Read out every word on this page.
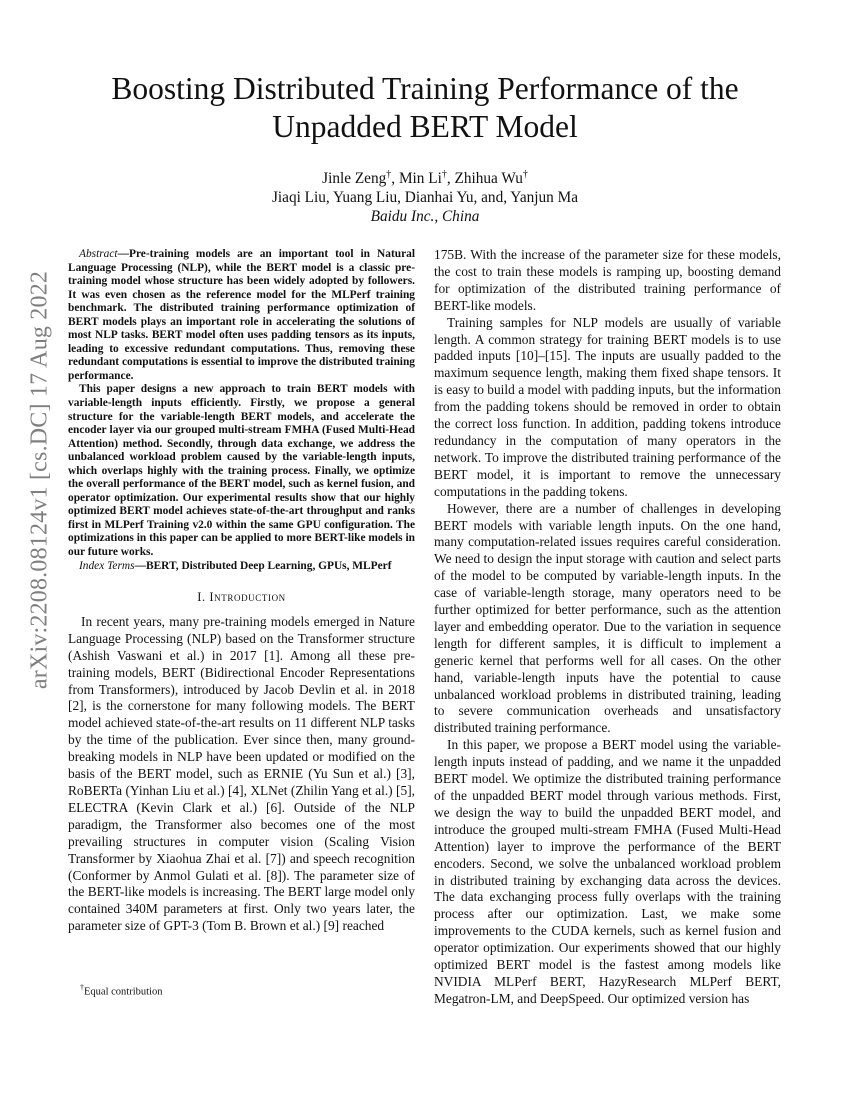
arXiv:2208.08124v1 [cs.DC] 17 Aug 2022
Boosting Distributed Training Performance of the Unpadded BERT Model
Jinle Zeng†, Min Li†, Zhihua Wu†
Jiaqi Liu, Yuang Liu, Dianhai Yu, and, Yanjun Ma
Baidu Inc., China

Abstract—Pre-training models are an important tool in Natural Language Processing (NLP), while the BERT model is a classic pre-training model whose structure has been widely adopted by followers. It was even chosen as the reference model for the MLPerf training benchmark. The distributed training performance optimization of BERT models plays an important role in accelerating the solutions of most NLP tasks. BERT model often uses padding tensors as its inputs, leading to excessive redundant computations. Thus, removing these redundant computations is essential to improve the distributed training performance.

This paper designs a new approach to train BERT models with variable-length inputs efficiently. Firstly, we propose a general structure for the variable-length BERT models, and accelerate the encoder layer via our grouped multi-stream FMHA (Fused Multi-Head Attention) method. Secondly, through data exchange, we address the unbalanced workload problem caused by the variable-length inputs, which overlaps highly with the training process. Finally, we optimize the overall performance of the BERT model, such as kernel fusion, and operator optimization. Our experimental results show that our highly optimized BERT model achieves state-of-the-art throughput and ranks first in MLPerf Training v2.0 within the same GPU configuration. The optimizations in this paper can be applied to more BERT-like models in our future works.

Index Terms—BERT, Distributed Deep Learning, GPUs, MLPerf

I. Introduction

In recent years, many pre-training models emerged in Nature Language Processing (NLP) based on the Transformer structure (Ashish Vaswani et al.) in 2017 [1]. Among all these pre-training models, BERT (Bidirectional Encoder Representations from Transformers), introduced by Jacob Devlin et al. in 2018 [2], is the cornerstone for many following models. The BERT model achieved state-of-the-art results on 11 different NLP tasks by the time of the publication. Ever since then, many ground-breaking models in NLP have been updated or modified on the basis of the BERT model, such as ERNIE (Yu Sun et al.) [3], RoBERTa (Yinhan Liu et al.) [4], XLNet (Zhilin Yang et al.) [5], ELECTRA (Kevin Clark et al.) [6]. Outside of the NLP paradigm, the Transformer also becomes one of the most prevailing structures in computer vision (Scaling Vision Transformer by Xiaohua Zhai et al. [7]) and speech recognition (Conformer by Anmol Gulati et al. [8]). The parameter size of the BERT-like models is increasing. The BERT large model only contained 340M parameters at first. Only two years later, the parameter size of GPT-3 (Tom B. Brown et al.) [9] reached

175B. With the increase of the parameter size for these models, the cost to train these models is ramping up, boosting demand for optimization of the distributed training performance of BERT-like models.

Training samples for NLP models are usually of variable length. A common strategy for training BERT models is to use padded inputs [10]–[15]. The inputs are usually padded to the maximum sequence length, making them fixed shape tensors. It is easy to build a model with padding inputs, but the information from the padding tokens should be removed in order to obtain the correct loss function. In addition, padding tokens introduce redundancy in the computation of many operators in the network. To improve the distributed training performance of the BERT model, it is important to remove the unnecessary computations in the padding tokens.

However, there are a number of challenges in developing BERT models with variable length inputs. On the one hand, many computation-related issues requires careful consideration. We need to design the input storage with caution and select parts of the model to be computed by variable-length inputs. In the case of variable-length storage, many operators need to be further optimized for better performance, such as the attention layer and embedding operator. Due to the variation in sequence length for different samples, it is difficult to implement a generic kernel that performs well for all cases. On the other hand, variable-length inputs have the potential to cause unbalanced workload problems in distributed training, leading to severe communication overheads and unsatisfactory distributed training performance.

In this paper, we propose a BERT model using the variable-length inputs instead of padding, and we name it the unpadded BERT model. We optimize the distributed training performance of the unpadded BERT model through various methods. First, we design the way to build the unpadded BERT model, and introduce the grouped multi-stream FMHA (Fused Multi-Head Attention) layer to improve the performance of the BERT encoders. Second, we solve the unbalanced workload problem in distributed training by exchanging data across the devices. The data exchanging process fully overlaps with the training process after our optimization. Last, we make some improvements to the CUDA kernels, such as kernel fusion and operator optimization. Our experiments showed that our highly optimized BERT model is the fastest among models like NVIDIA MLPerf BERT, HazyResearch MLPerf BERT, Megatron-LM, and DeepSpeed. Our optimized version has

†Equal contribution
